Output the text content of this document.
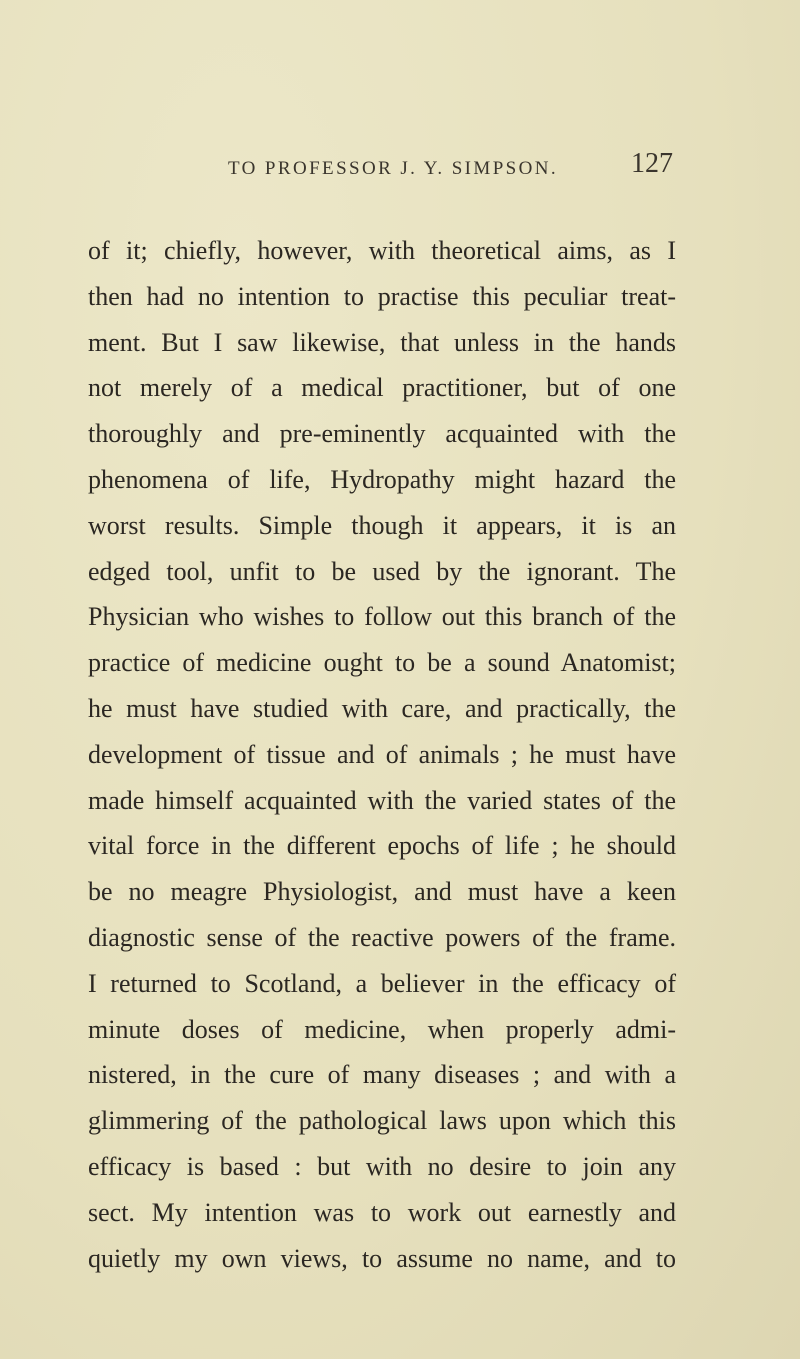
TO PROFESSOR J. Y. SIMPSON.	127
of it; chiefly, however, with theoretical aims, as I
then had no intention to practise this peculiar treat-
ment. But I saw likewise, that unless in the hands
not merely of a medical practitioner, but of one
thoroughly and pre-eminently acquainted with the
phenomena of life, Hydropathy might hazard the
worst results. Simple though it appears, it is an
edged tool, unfit to be used by the ignorant. The
Physician who wishes to follow out this branch of the
practice of medicine ought to be a sound Anatomist;
he must have studied with care, and practically, the
development of tissue and of animals ; he must have
made himself acquainted with the varied states of the
vital force in the different epochs of life ; he should
be no meagre Physiologist, and must have a keen
diagnostic sense of the reactive powers of the frame.
I returned to Scotland, a believer in the efficacy of
minute doses of medicine, when properly admi-
nistered, in the cure of many diseases ; and with a
glimmering of the pathological laws upon which this
efficacy is based : but with no desire to join any
sect. My intention was to work out earnestly and
quietly my own views, to assume no name, and to
